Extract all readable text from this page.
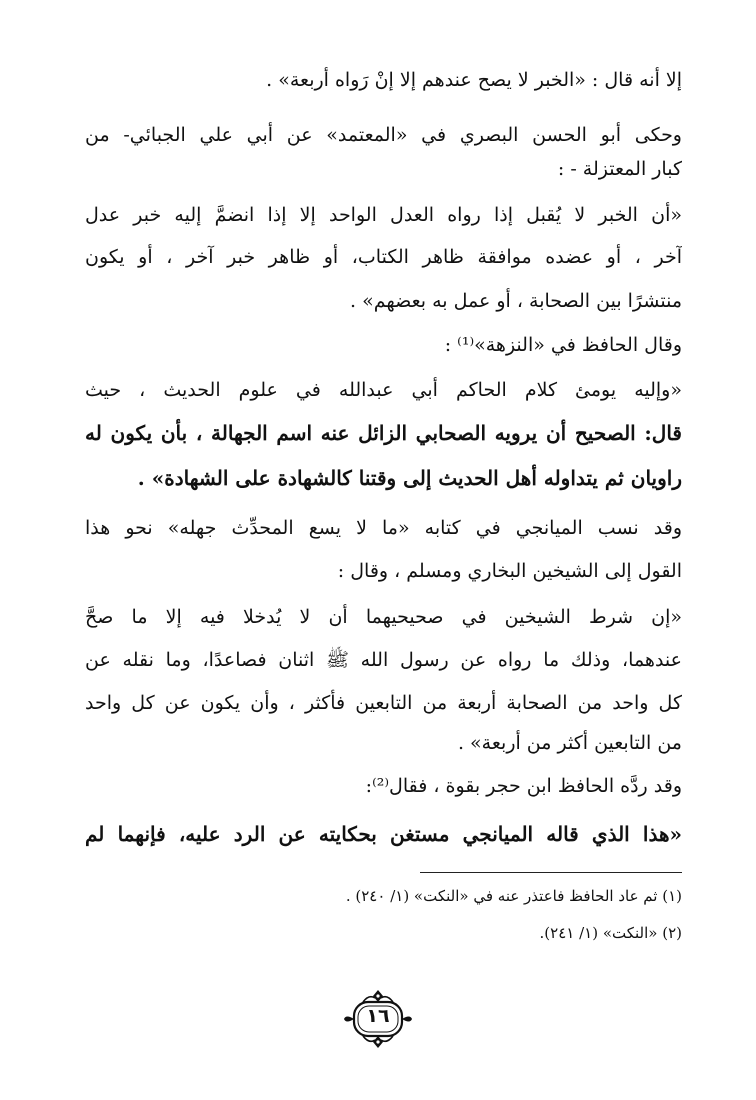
إلا أنه قال : «الخبر لا يصح عندهم إلا إنْ رَواه أربعة» .
وحكى أبو الحسن البصري في «المعتمد» عن أبي علي الجبائي- من
كبار المعتزلة - :
«أن الخبر لا يُقبل إذا رواه العدل الواحد إلا إذا انضمَّ إليه خبر عدل
آخر ، أو عضده موافقة ظاهر الكتاب، أو ظاهر خبر آخر ، أو يكون
منتشرًا بين الصحابة ، أو عمل به بعضهم» .
وقال الحافظ في «النزهة»⁽¹⁾ :
«وإليه يومئ كلام الحاكم أبي عبدالله في علوم الحديث ، حيث
قال: الصحيح أن يرويه الصحابي الزائل عنه اسم الجهالة ، بأن يكون له
راويان ثم يتداوله أهل الحديث إلى وقتنا كالشهادة على الشهادة» .
وقد نسب الميانجي في كتابه «ما لا يسع المحدِّث جهله» نحو هذا
القول إلى الشيخين البخاري ومسلم ، وقال :
«إن شرط الشيخين في صحيحيهما أن لا يُدخلا فيه إلا ما صحَّ
عندهما، وذلك ما رواه عن رسول الله ﷺ اثنان فصاعدًا، وما نقله عن
كل واحد من الصحابة أربعة من التابعين فأكثر ، وأن يكون عن كل واحد
من التابعين أكثر من أربعة» .
وقد ردَّه الحافظ ابن حجر بقوة ، فقال⁽²⁾:
«هذا الذي قاله الميانجي مستغن بحكايته عن الرد عليه، فإنهما لم
(١) ثم عاد الحافظ فاعتذر عنه في «النكت» (١/ ٢٤٠) .
(٢) «النكت» (١/ ٢٤١).
١٦
